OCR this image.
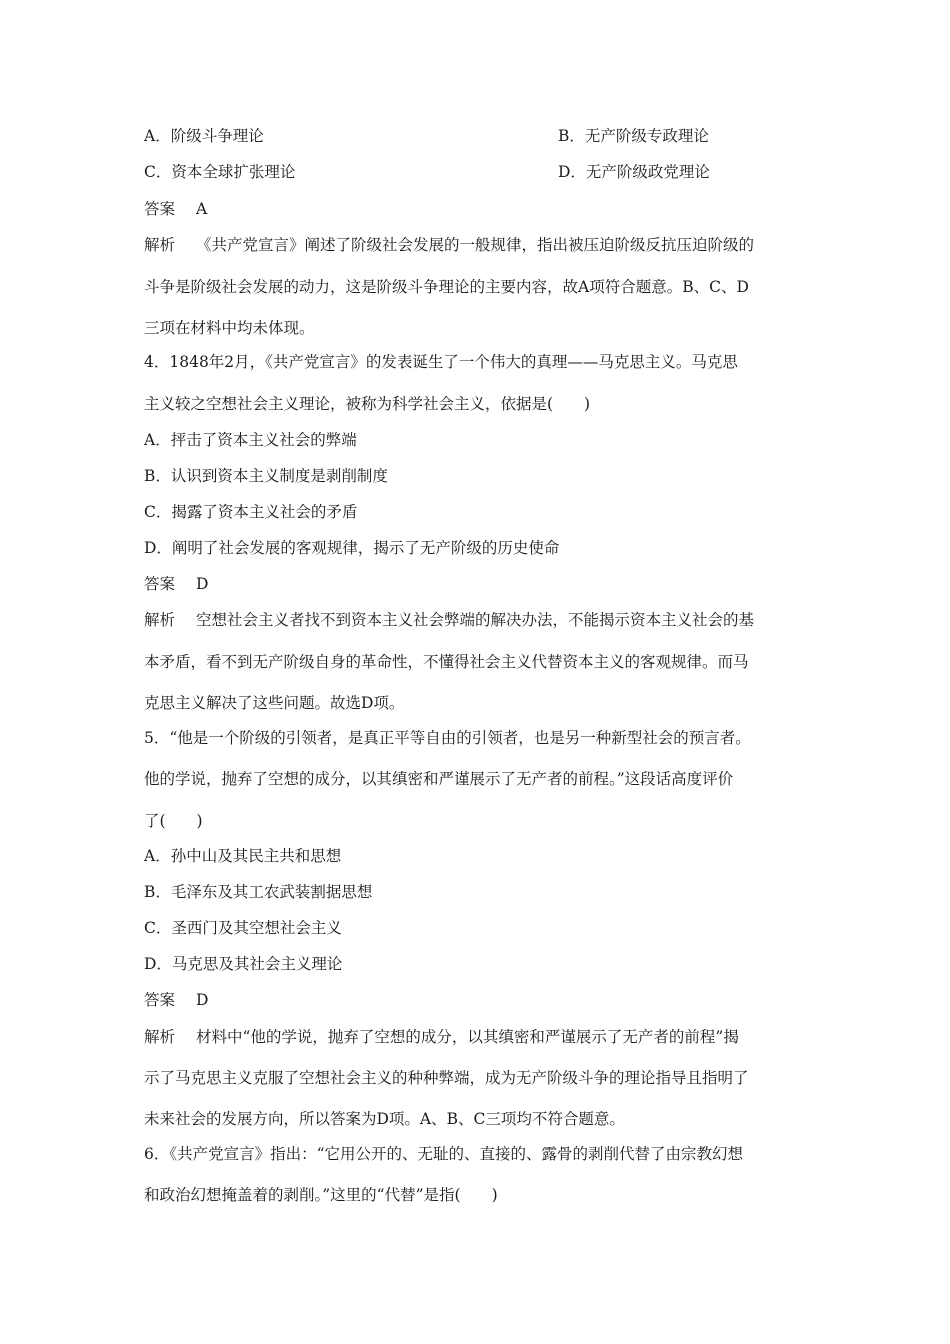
A．阶级斗争理论	B．无产阶级专政理论
C．资本全球扩张理论	D．无产阶级政党理论
答案 A
解析 《共产党宣言》阐述了阶级社会发展的一般规律，指出被压迫阶级反抗压迫阶级的
斗争是阶级社会发展的动力，这是阶级斗争理论的主要内容，故A项符合题意。B、C、D
三项在材料中均未体现。
4．1848年2月，《共产党宣言》的发表诞生了一个伟大的真理——马克思主义。马克思
主义较之空想社会主义理论，被称为科学社会主义，依据是(　　)
A．抨击了资本主义社会的弊端
B．认识到资本主义制度是剥削制度
C．揭露了资本主义社会的矛盾
D．阐明了社会发展的客观规律，揭示了无产阶级的历史使命
答案 D
解析 空想社会主义者找不到资本主义社会弊端的解决办法，不能揭示资本主义社会的基
本矛盾，看不到无产阶级自身的革命性，不懂得社会主义代替资本主义的客观规律。而马
克思主义解决了这些问题。故选D项。
5．“他是一个阶级的引领者，是真正平等自由的引领者，也是另一种新型社会的预言者。
他的学说，抛弃了空想的成分，以其缜密和严谨展示了无产者的前程。”这段话高度评价
了(　　)
A．孙中山及其民主共和思想
B．毛泽东及其工农武装割据思想
C．圣西门及其空想社会主义
D．马克思及其社会主义理论
答案 D
解析 材料中“他的学说，抛弃了空想的成分，以其缜密和严谨展示了无产者的前程”揭
示了马克思主义克服了空想社会主义的种种弊端，成为无产阶级斗争的理论指导且指明了
未来社会的发展方向，所以答案为D项。A、B、C三项均不符合题意。
6．《共产党宣言》指出：“它用公开的、无耻的、直接的、露骨的剥削代替了由宗教幻想
和政治幻想掩盖着的剥削。”这里的“代替”是指(　　)
